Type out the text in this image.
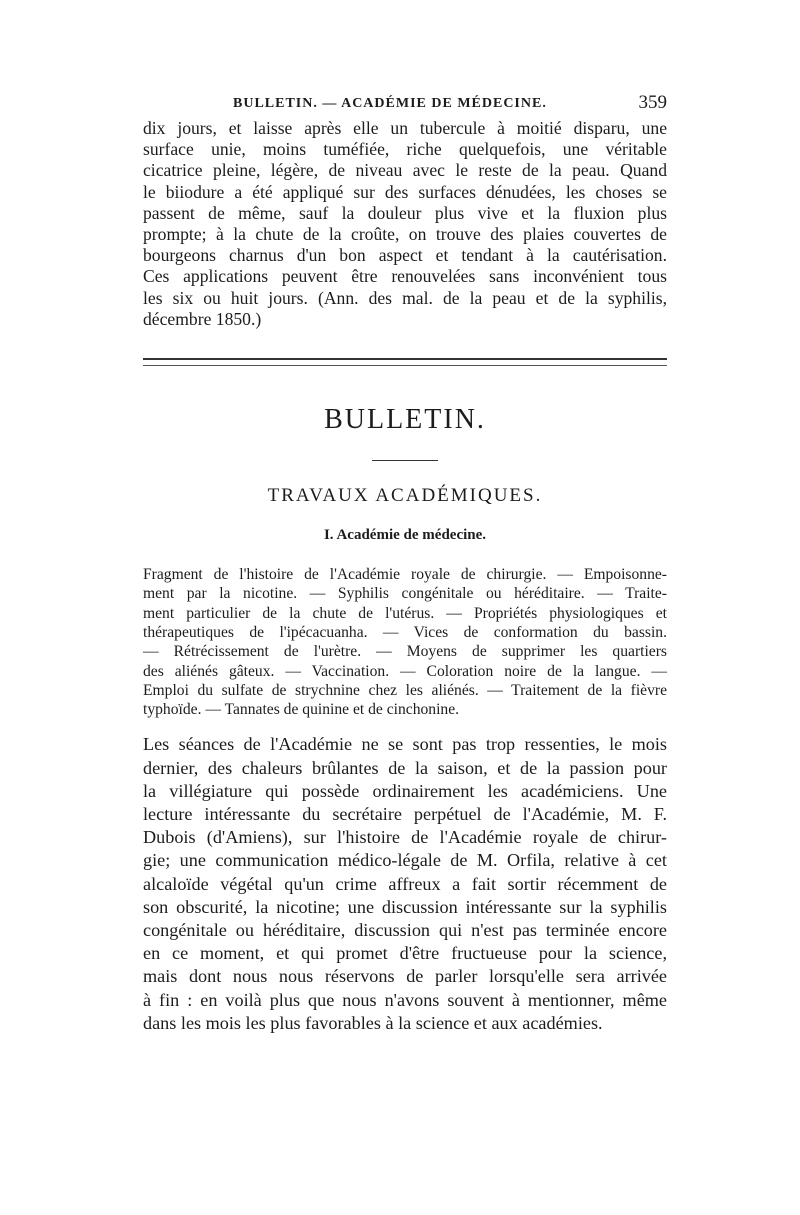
BULLETIN. — ACADÉMIE DE MÉDECINE.	359
dix jours, et laisse après elle un tubercule à moitié disparu, une
surface unie, moins tuméfiée, riche quelquefois, une véritable
cicatrice pleine, légère, de niveau avec le reste de la peau. Quand
le biiodure a été appliqué sur des surfaces dénudées, les choses se
passent de même, sauf la douleur plus vive et la fluxion plus
prompte; à la chute de la croûte, on trouve des plaies couvertes de
bourgeons charnus d'un bon aspect et tendant à la cautérisation.
Ces applications peuvent être renouvelées sans inconvénient tous
les six ou huit jours. (Ann. des mal. de la peau et de la syphilis,
décembre 1850.)
BULLETIN.
TRAVAUX ACADÉMIQUES.
I. Académie de médecine.
Fragment de l'histoire de l'Académie royale de chirurgie. — Empoisonne-
ment par la nicotine. — Syphilis congénitale ou héréditaire. — Traite-
ment particulier de la chute de l'utérus. — Propriétés physiologiques et
thérapeutiques de l'ipécacuanha. — Vices de conformation du bassin.
— Rétrécissement de l'urètre. — Moyens de supprimer les quartiers
des aliénés gâteux. — Vaccination. — Coloration noire de la langue. —
Emploi du sulfate de strychnine chez les aliénés. — Traitement de la fièvre
typhoïde. — Tannates de quinine et de cinchonine.
Les séances de l'Académie ne se sont pas trop ressenties, le mois
dernier, des chaleurs brûlantes de la saison, et de la passion pour
la villégiature qui possède ordinairement les académiciens. Une
lecture intéressante du secrétaire perpétuel de l'Académie, M. F.
Dubois (d'Amiens), sur l'histoire de l'Académie royale de chirur-
gie; une communication médico-légale de M. Orfila, relative à cet
alcaloïde végétal qu'un crime affreux a fait sortir récemment de
son obscurité, la nicotine; une discussion intéressante sur la syphilis
congénitale ou héréditaire, discussion qui n'est pas terminée encore
en ce moment, et qui promet d'être fructueuse pour la science,
mais dont nous nous réservons de parler lorsqu'elle sera arrivée
à fin : en voilà plus que nous n'avons souvent à mentionner, même
dans les mois les plus favorables à la science et aux académies.
